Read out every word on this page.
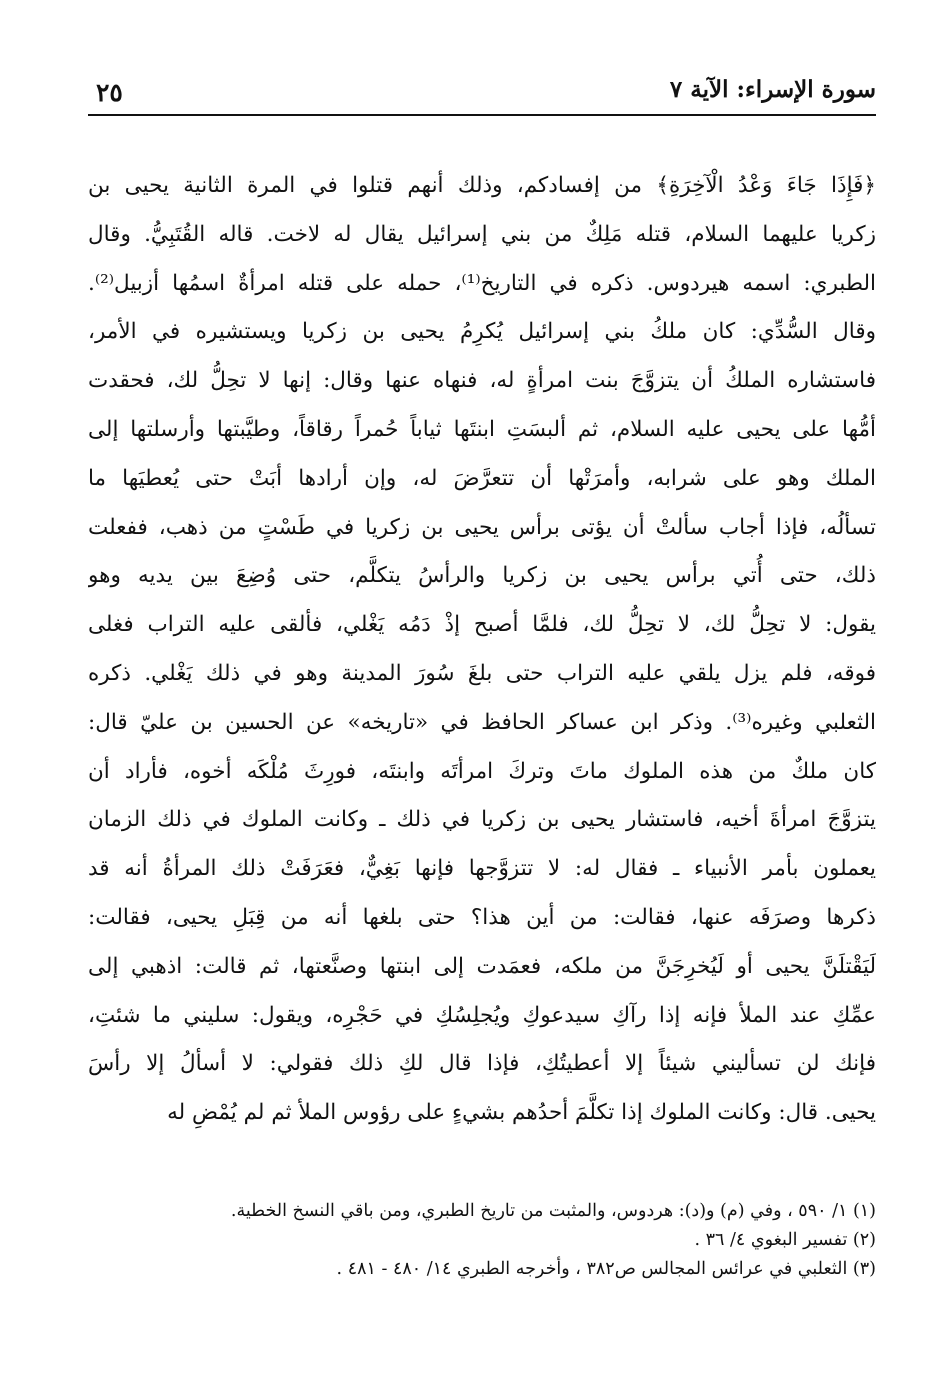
سورة الإسراء: الآية ٧
٢٥
﴿فَإِذَا جَاءَ وَعْدُ الْآخِرَةِ﴾ من إفسادكم، وذلك أنهم قتلوا في المرة الثانية يحيى بن
زكريا عليهما السلام، قتله مَلِكٌ من بني إسرائيل يقال له لاخت. قاله القُتَبِيُّ. وقال
الطبري: اسمه هيردوس. ذكره في التاريخ⁽¹⁾، حمله على قتله امرأةٌ اسمُها أزبيل⁽²⁾.
وقال السُّدِّي: كان ملكُ بني إسرائيل يُكرِمُ يحيى بن زكريا ويستشيره في الأمر،
فاستشاره الملكُ أن يتزوَّجَ بنت امرأةٍ له، فنهاه عنها وقال: إنها لا تحِلُّ لك، فحقدت
أمُّها على يحيى عليه السلام، ثم ألبسَتِ ابنتَها ثياباً حُمراً رقاقاً، وطيَّبتها وأرسلتها إلى
الملك وهو على شرابه، وأمرَتْها أن تتعرَّضَ له، وإن أرادها أبَتْ حتى يُعطيَها ما
تسألُه، فإذا أجاب سألتْ أن يؤتى برأس يحيى بن زكريا في طَسْتٍ من ذهب، ففعلت
ذلك، حتى أُتي برأس يحيى بن زكريا والرأسُ يتكلَّم، حتى وُضِعَ بين يديه وهو
يقول: لا تحِلُّ لك، لا تحِلُّ لك، فلمَّا أصبح إذْ دَمُه يَغْلي، فألقى عليه التراب فغلى
فوقه، فلم يزل يلقي عليه التراب حتى بلغَ سُورَ المدينة وهو في ذلك يَغْلي. ذكره
الثعلبي وغيره⁽³⁾. وذكر ابن عساكر الحافظ في «تاريخه» عن الحسين بن عليّ قال:
كان ملكٌ من هذه الملوك ماتَ وتركَ امرأتَه وابنتَه، فورِثَ مُلْكَه أخوه، فأراد أن
يتزوَّجَ امرأةَ أخيه، فاستشار يحيى بن زكريا في ذلك ـ وكانت الملوك في ذلك الزمان
يعملون بأمر الأنبياء ـ فقال له: لا تتزوَّجها فإنها بَغِيٌّ، فعَرَفَتْ ذلك المرأةُ أنه قد
ذكرها وصرَفَه عنها، فقالت: من أين هذا؟ حتى بلغها أنه من قِبَلِ يحيى، فقالت:
لَيَقْتلَنَّ يحيى أو لَيُخرِجَنَّ من ملكه، فعمَدت إلى ابنتها وصنَّعتها، ثم قالت: اذهبي إلى
عمِّكِ عند الملأ فإنه إذا رآكِ سيدعوكِ ويُجلِسُكِ في حَجْرِه، ويقول: سليني ما شئتِ،
فإنك لن تسأليني شيئاً إلا أعطيتُكِ، فإذا قال لكِ ذلك فقولي: لا أسألُ إلا رأسَ
يحيى. قال: وكانت الملوك إذا تكلَّمَ أحدُهم بشيءٍ على رؤوس الملأ ثم لم يُمْضِ له
(١) ١/ ٥٩٠ ، وفي (م) و(د): هردوس، والمثبت من تاريخ الطبري، ومن باقي النسخ الخطية.
(٢) تفسير البغوي ٤/ ٣٦ .
(٣) الثعلبي في عرائس المجالس ص٣٨٢ ، وأخرجه الطبري ١٤/ ٤٨٠ - ٤٨١ .
